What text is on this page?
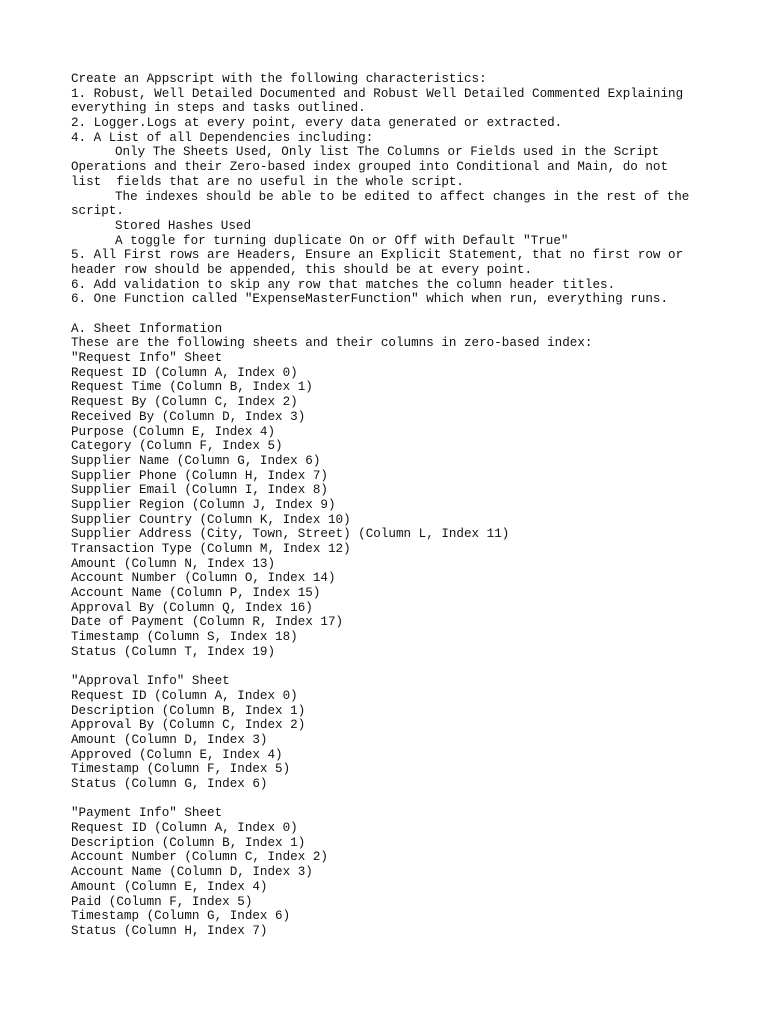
Create an Appscript with the following characteristics:
1. Robust, Well Detailed Documented and Robust Well Detailed Commented Explaining
everything in steps and tasks outlined.
2. Logger.Logs at every point, every data generated or extracted.
4. A List of all Dependencies including:
Only The Sheets Used, Only list The Columns or Fields used in the Script
Operations and their Zero-based index grouped into Conditional and Main, do not
list  fields that are no useful in the whole script.
The indexes should be able to be edited to affect changes in the rest of the
script.
Stored Hashes Used
A toggle for turning duplicate On or Off with Default "True"
5. All First rows are Headers, Ensure an Explicit Statement, that no first row or
header row should be appended, this should be at every point.
6. Add validation to skip any row that matches the column header titles.
6. One Function called "ExpenseMasterFunction" which when run, everything runs.
A. Sheet Information
These are the following sheets and their columns in zero-based index:
"Request Info" Sheet
Request ID (Column A, Index 0)
Request Time (Column B, Index 1)
Request By (Column C, Index 2)
Received By (Column D, Index 3)
Purpose (Column E, Index 4)
Category (Column F, Index 5)
Supplier Name (Column G, Index 6)
Supplier Phone (Column H, Index 7)
Supplier Email (Column I, Index 8)
Supplier Region (Column J, Index 9)
Supplier Country (Column K, Index 10)
Supplier Address (City, Town, Street) (Column L, Index 11)
Transaction Type (Column M, Index 12)
Amount (Column N, Index 13)
Account Number (Column O, Index 14)
Account Name (Column P, Index 15)
Approval By (Column Q, Index 16)
Date of Payment (Column R, Index 17)
Timestamp (Column S, Index 18)
Status (Column T, Index 19)
"Approval Info" Sheet
Request ID (Column A, Index 0)
Description (Column B, Index 1)
Approval By (Column C, Index 2)
Amount (Column D, Index 3)
Approved (Column E, Index 4)
Timestamp (Column F, Index 5)
Status (Column G, Index 6)
"Payment Info" Sheet
Request ID (Column A, Index 0)
Description (Column B, Index 1)
Account Number (Column C, Index 2)
Account Name (Column D, Index 3)
Amount (Column E, Index 4)
Paid (Column F, Index 5)
Timestamp (Column G, Index 6)
Status (Column H, Index 7)
